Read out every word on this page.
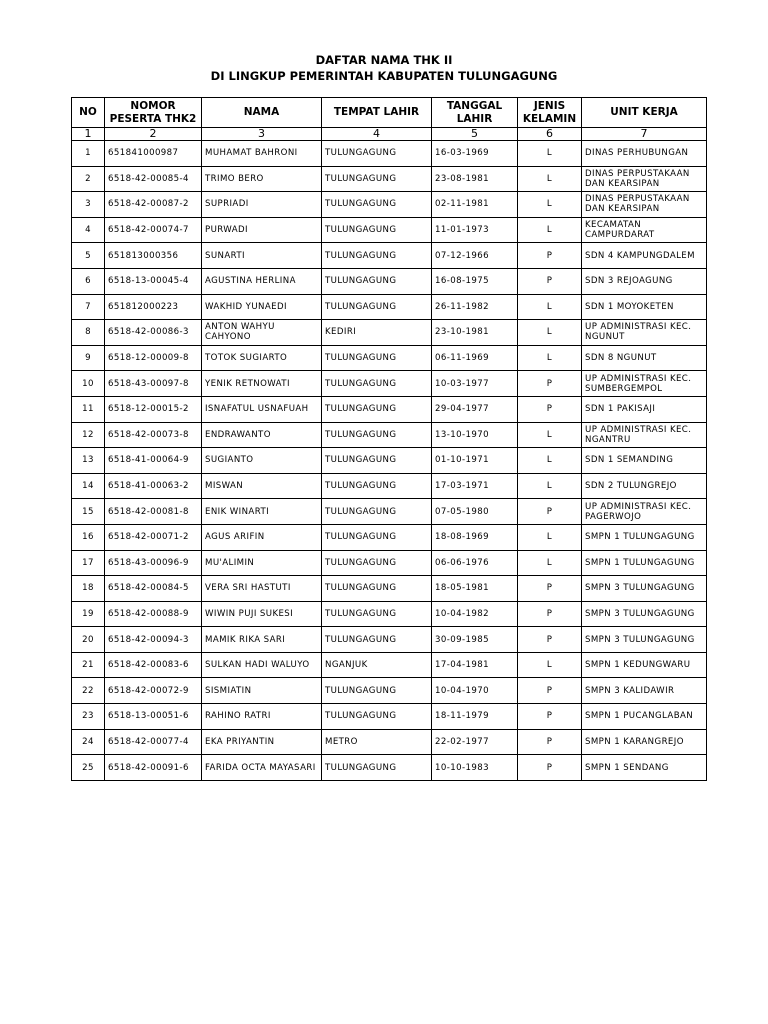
DAFTAR NAMA THK II
DI LINGKUP PEMERINTAH KABUPATEN TULUNGAGUNG
NO	NOMOR PESERTA THK2	NAMA	TEMPAT LAHIR	TANGGAL LAHIR	JENIS KELAMIN	UNIT KERJA
1	2	3	4	5	6	7
1	651841000987	MUHAMAT BAHRONI	TULUNGAGUNG	16-03-1969	L	DINAS PERHUBUNGAN
2	6518-42-00085-4	TRIMO BERO	TULUNGAGUNG	23-08-1981	L	DINAS PERPUSTAKAAN DAN KEARSIPAN
3	6518-42-00087-2	SUPRIADI	TULUNGAGUNG	02-11-1981	L	DINAS PERPUSTAKAAN DAN KEARSIPAN
4	6518-42-00074-7	PURWADI	TULUNGAGUNG	11-01-1973	L	KECAMATAN CAMPURDARAT
5	651813000356	SUNARTI	TULUNGAGUNG	07-12-1966	P	SDN 4 KAMPUNGDALEM
6	6518-13-00045-4	AGUSTINA HERLINA	TULUNGAGUNG	16-08-1975	P	SDN 3 REJOAGUNG
7	651812000223	WAKHID YUNAEDI	TULUNGAGUNG	26-11-1982	L	SDN 1 MOYOKETEN
8	6518-42-00086-3	ANTON WAHYU CAHYONO	KEDIRI	23-10-1981	L	UP ADMINISTRASI KEC. NGUNUT
9	6518-12-00009-8	TOTOK SUGIARTO	TULUNGAGUNG	06-11-1969	L	SDN 8 NGUNUT
10	6518-43-00097-8	YENIK RETNOWATI	TULUNGAGUNG	10-03-1977	P	UP ADMINISTRASI KEC. SUMBERGEMPOL
11	6518-12-00015-2	ISNAFATUL USNAFUAH	TULUNGAGUNG	29-04-1977	P	SDN 1 PAKISAJI
12	6518-42-00073-8	ENDRAWANTO	TULUNGAGUNG	13-10-1970	L	UP ADMINISTRASI KEC. NGANTRU
13	6518-41-00064-9	SUGIANTO	TULUNGAGUNG	01-10-1971	L	SDN 1 SEMANDING
14	6518-41-00063-2	MISWAN	TULUNGAGUNG	17-03-1971	L	SDN 2 TULUNGREJO
15	6518-42-00081-8	ENIK WINARTI	TULUNGAGUNG	07-05-1980	P	UP ADMINISTRASI KEC. PAGERWOJO
16	6518-42-00071-2	AGUS ARIFIN	TULUNGAGUNG	18-08-1969	L	SMPN 1 TULUNGAGUNG
17	6518-43-00096-9	MU'ALIMIN	TULUNGAGUNG	06-06-1976	L	SMPN 1 TULUNGAGUNG
18	6518-42-00084-5	VERA SRI HASTUTI	TULUNGAGUNG	18-05-1981	P	SMPN 3 TULUNGAGUNG
19	6518-42-00088-9	WIWIN PUJI SUKESI	TULUNGAGUNG	10-04-1982	P	SMPN 3 TULUNGAGUNG
20	6518-42-00094-3	MAMIK RIKA SARI	TULUNGAGUNG	30-09-1985	P	SMPN 3 TULUNGAGUNG
21	6518-42-00083-6	SULKAN HADI WALUYO	NGANJUK	17-04-1981	L	SMPN 1 KEDUNGWARU
22	6518-42-00072-9	SISMIATIN	TULUNGAGUNG	10-04-1970	P	SMPN 3 KALIDAWIR
23	6518-13-00051-6	RAHINO RATRI	TULUNGAGUNG	18-11-1979	P	SMPN 1 PUCANGLABAN
24	6518-42-00077-4	EKA PRIYANTIN	METRO	22-02-1977	P	SMPN 1 KARANGREJO
25	6518-42-00091-6	FARIDA OCTA MAYASARI	TULUNGAGUNG	10-10-1983	P	SMPN 1 SENDANG
